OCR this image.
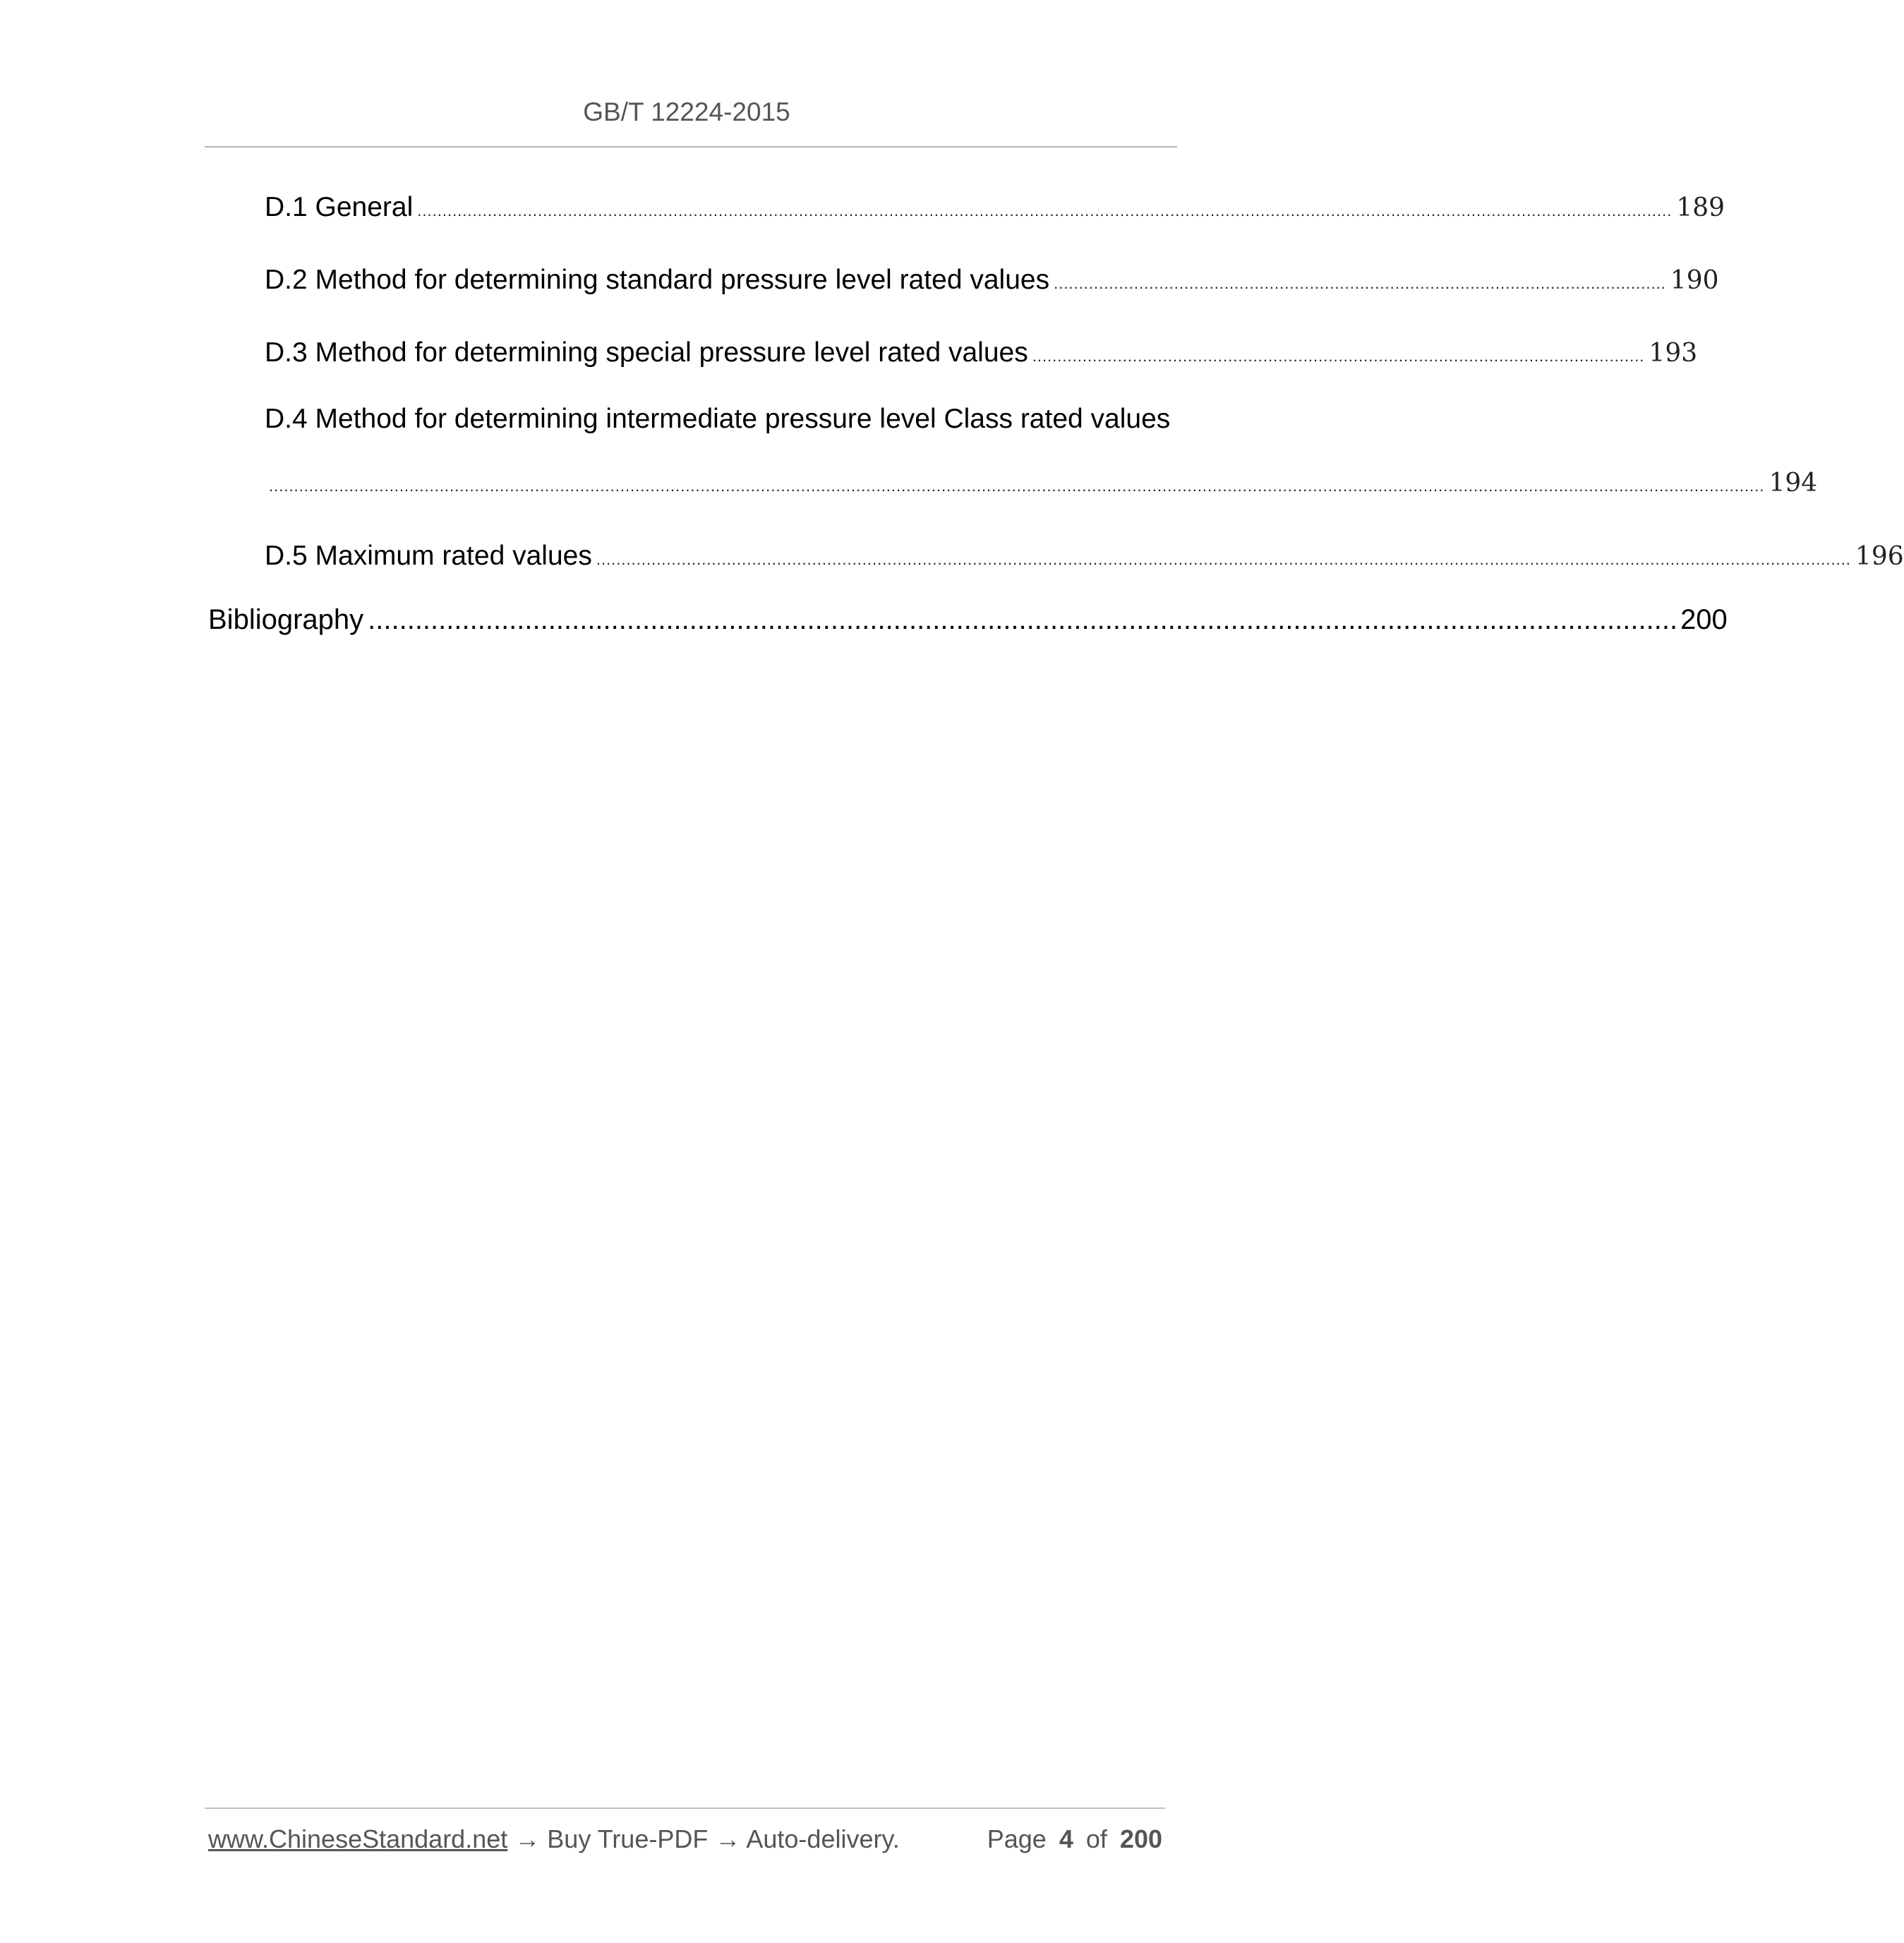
GB/T 12224-2015
D.1 General .......................................................................................................................................................................................................................................................... 189
D.2 Method for determining standard pressure level rated values .......................................................................................................................... 190
D.3 Method for determining special pressure level rated values .......................................................................................................................... 193
D.4 Method for determining intermediate pressure level Class rated values
.......................................................................................................................................................................................................................................................................................................... 194
D.5 Maximum rated values .......................................................................................................................................................................................................................................................... 196
Bibliography ....................................................................................................................................................................... 200
www.ChineseStandard.net → Buy True-PDF → Auto-delivery.	Page 4 of 200
